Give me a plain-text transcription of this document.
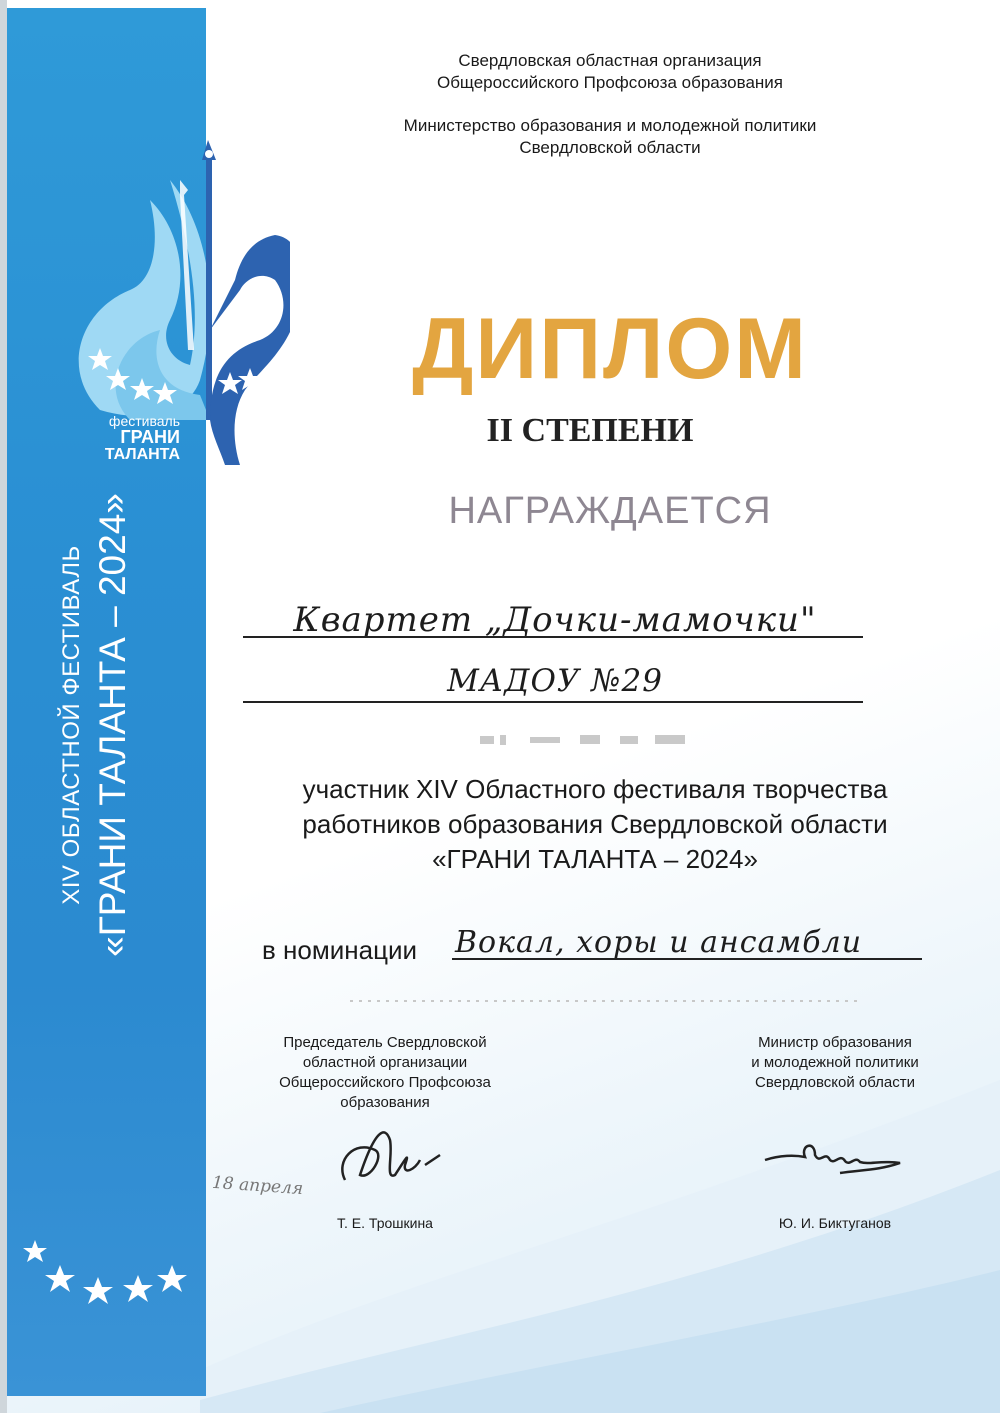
фестиваль
ГРАНИ
ТАЛАНТА
XIV ОБЛАСТНОЙ ФЕСТИВАЛЬ «ГРАНИ ТАЛАНТА – 2024»
Свердловская областная организация
Общероссийского Профсоюза образования
Министерство образования и молодежной политики
Свердловской области
ДИПЛОМ
II СТЕПЕНИ
НАГРАЖДАЕТСЯ
Квартет „Дочки-мамочки"
МАДОУ №29
участник XIV Областного фестиваля творчества
работников образования Свердловской области
«ГРАНИ ТАЛАНТА – 2024»
в номинации Вокал, хоры и ансамбли
Председатель Свердловской
областной организации
Общероссийского Профсоюза
образования
Министр образования
и молодежной политики
Свердловской области
18 апреля
Т. Е. Трошкина	Ю. И. Биктуганов
